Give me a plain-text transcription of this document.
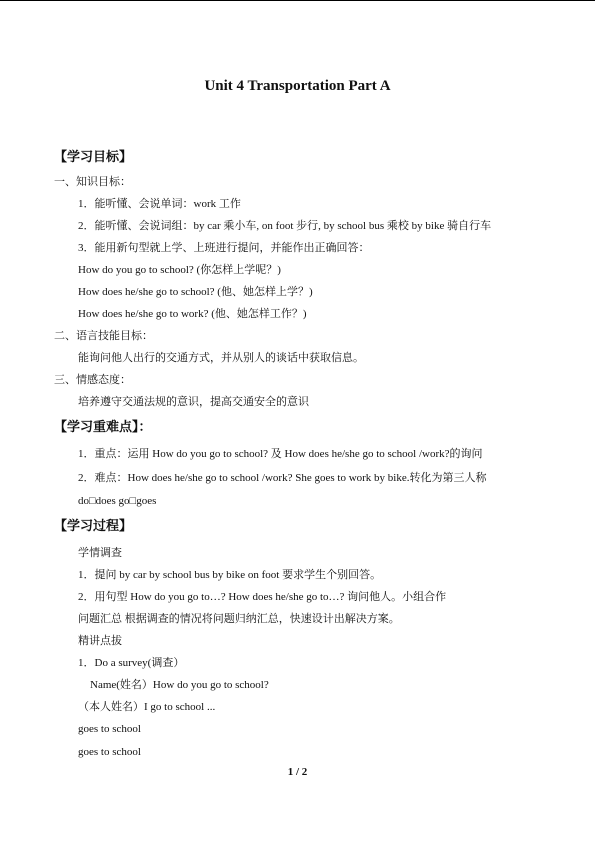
Unit 4 Transportation Part A
【学习目标】
一、知识目标：
1．能听懂、会说单词：work 工作
2．能听懂、会说词组：by car 乘小车, on foot 步行, by school bus 乘校 by bike 骑自行车
3．能用新句型就上学、上班进行提问，并能作出正确回答：
How do you go to school? (你怎样上学呢？)
How does he/she go to school? (他、她怎样上学？)
How does he/she go to work? (他、她怎样工作？)
二、语言技能目标：
能询问他人出行的交通方式，并从别人的谈话中获取信息。
三、情感态度：
培养遵守交通法规的意识，提高交通安全的意识
【学习重难点】：
1．重点：运用 How do you go to school? 及 How does he/she go to school /work?的询问
2．难点：How does he/she go to school /work? She goes to work by bike.转化为第三人称
do□does go□goes
【学习过程】
学情调查
1．提问 by car by school bus by bike on foot 要求学生个别回答。
2．用句型 How do you go to…? How does he/she go to…? 询问他人。小组合作
问题汇总 根据调查的情况将问题归纳汇总，快速设计出解决方案。
精讲点拔
1．Do a survey(调查）
Name(姓名）How do you go to school?
（本人姓名）I go to school ...
goes to school
goes to school
1 / 2
